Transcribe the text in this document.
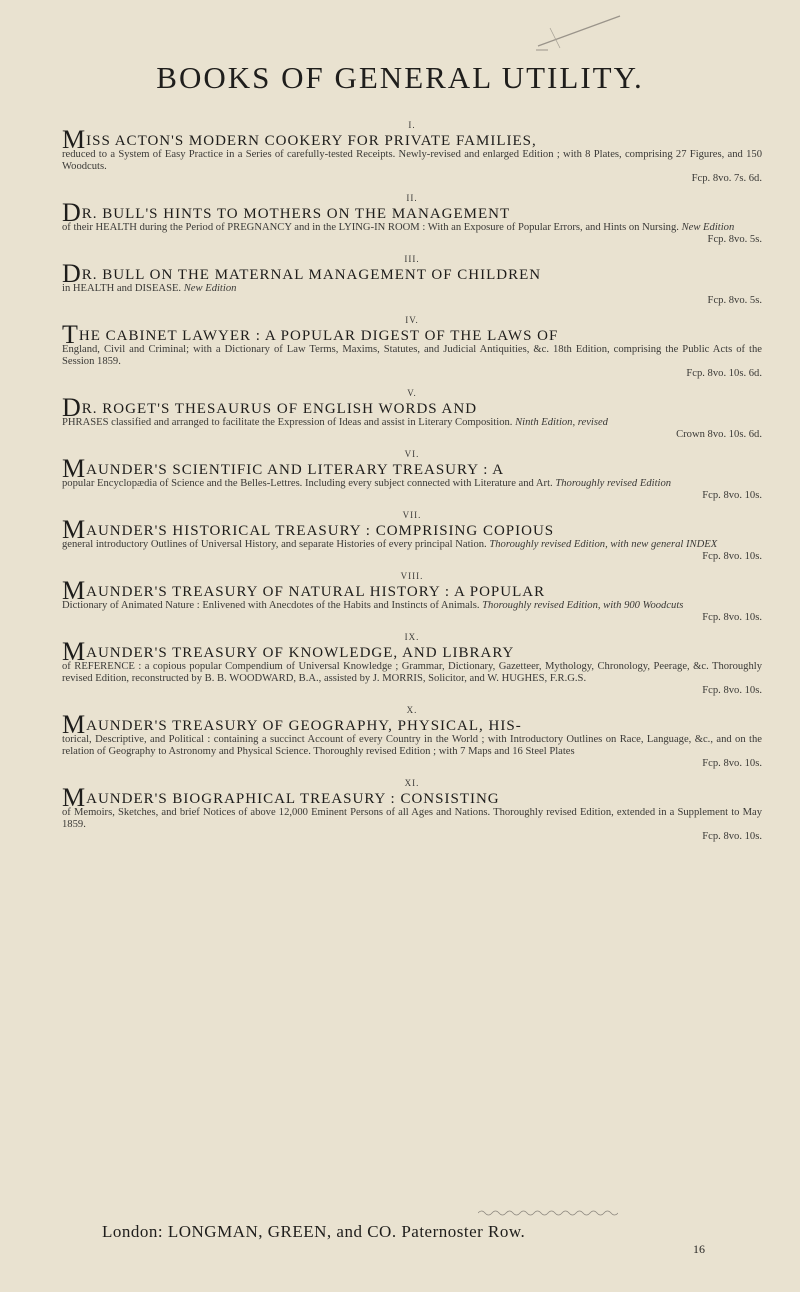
BOOKS OF GENERAL UTILITY.
I.
MISS ACTON'S MODERN COOKERY FOR PRIVATE FAMILIES,
reduced to a System of Easy Practice in a Series of carefully-tested Receipts. Newly-revised and enlarged Edition ; with 8 Plates, comprising 27 Figures, and 150 Woodcuts.
Fcp. 8vo. 7s. 6d.
II.
DR. BULL'S HINTS TO MOTHERS ON THE MANAGEMENT
of their HEALTH during the Period of PREGNANCY and in the LYING-IN ROOM : With an Exposure of Popular Errors, and Hints on Nursing. New Edition
Fcp. 8vo. 5s.
III.
DR. BULL ON THE MATERNAL MANAGEMENT OF CHILDREN
in HEALTH and DISEASE. New Edition
Fcp. 8vo. 5s.
IV.
THE CABINET LAWYER : A POPULAR DIGEST OF THE LAWS OF
England, Civil and Criminal; with a Dictionary of Law Terms, Maxims, Statutes, and Judicial Antiquities, &c. 18th Edition, comprising the Public Acts of the Session 1859.
Fcp. 8vo. 10s. 6d.
V.
DR. ROGET'S THESAURUS OF ENGLISH WORDS AND
PHRASES classified and arranged to facilitate the Expression of Ideas and assist in Literary Composition. Ninth Edition, revised
Crown 8vo. 10s. 6d.
VI.
MAUNDER'S SCIENTIFIC AND LITERARY TREASURY : A
popular Encyclopædia of Science and the Belles-Lettres. Including every subject connected with Literature and Art. Thoroughly revised Edition
Fcp. 8vo. 10s.
VII.
MAUNDER'S HISTORICAL TREASURY : COMPRISING COPIOUS
general introductory Outlines of Universal History, and separate Histories of every principal Nation. Thoroughly revised Edition, with new general INDEX
Fcp. 8vo. 10s.
VIII.
MAUNDER'S TREASURY OF NATURAL HISTORY : A POPULAR
Dictionary of Animated Nature : Enlivened with Anecdotes of the Habits and Instincts of Animals. Thoroughly revised Edition, with 900 Woodcuts
Fcp. 8vo. 10s.
IX.
MAUNDER'S TREASURY OF KNOWLEDGE, AND LIBRARY
of REFERENCE : a copious popular Compendium of Universal Knowledge ; Grammar, Dictionary, Gazetteer, Mythology, Chronology, Peerage, &c. Thoroughly revised Edition, reconstructed by B. B. WOODWARD, B.A., assisted by J. MORRIS, Solicitor, and W. HUGHES, F.R.G.S.
Fcp. 8vo. 10s.
X.
MAUNDER'S TREASURY OF GEOGRAPHY, PHYSICAL, HIS-
torical, Descriptive, and Political : containing a succinct Account of every Country in the World ; with Introductory Outlines on Race, Language, &c., and on the relation of Geography to Astronomy and Physical Science. Thoroughly revised Edition ; with 7 Maps and 16 Steel Plates
Fcp. 8vo. 10s.
XI.
MAUNDER'S BIOGRAPHICAL TREASURY : CONSISTING
of Memoirs, Sketches, and brief Notices of above 12,000 Eminent Persons of all Ages and Nations. Thoroughly revised Edition, extended in a Supplement to May 1859.
Fcp. 8vo. 10s.
London: LONGMAN, GREEN, and CO. Paternoster Row.
16
